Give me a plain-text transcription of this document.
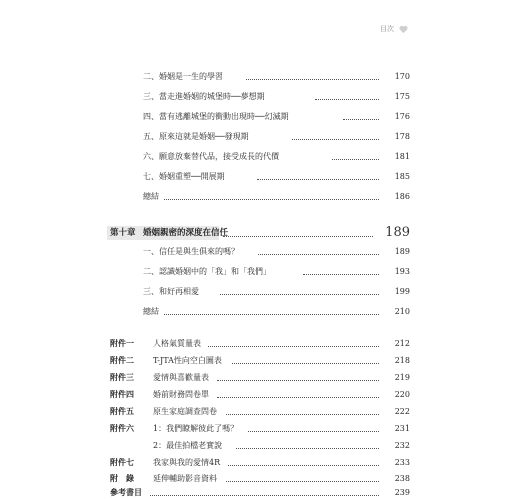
目次
二、婚姻是一生的學習	170
三、當走進婚姻的城堡時──夢想期	175
四、當有逃離城堡的衝動出現時──幻滅期	176
五、原來這就是婚姻──發現期	178
六、願意放棄替代品，接受成長的代價	181
七、婚姻重塑──開展期	185
總結	186
第十章 婚姻親密的深度在信任	189
一、信任是與生俱來的嗎？	189
二、認識婚姻中的「我」和「我們」	193
三、和好再相愛	199
總結	210
附件一 人格氣質量表	212
附件二 T-JTA性向空白圖表	218
附件三 愛情與喜歡量表	219
附件四 婚前財務問卷單	220
附件五 原生家庭調查問卷	222
附件六 1：我們瞭解彼此了嗎？	231
2：最佳拍檔老實說	232
附件七 我家與我的愛情4R	233
附　錄 延伸輔助影音資料	238
參考書目	239
